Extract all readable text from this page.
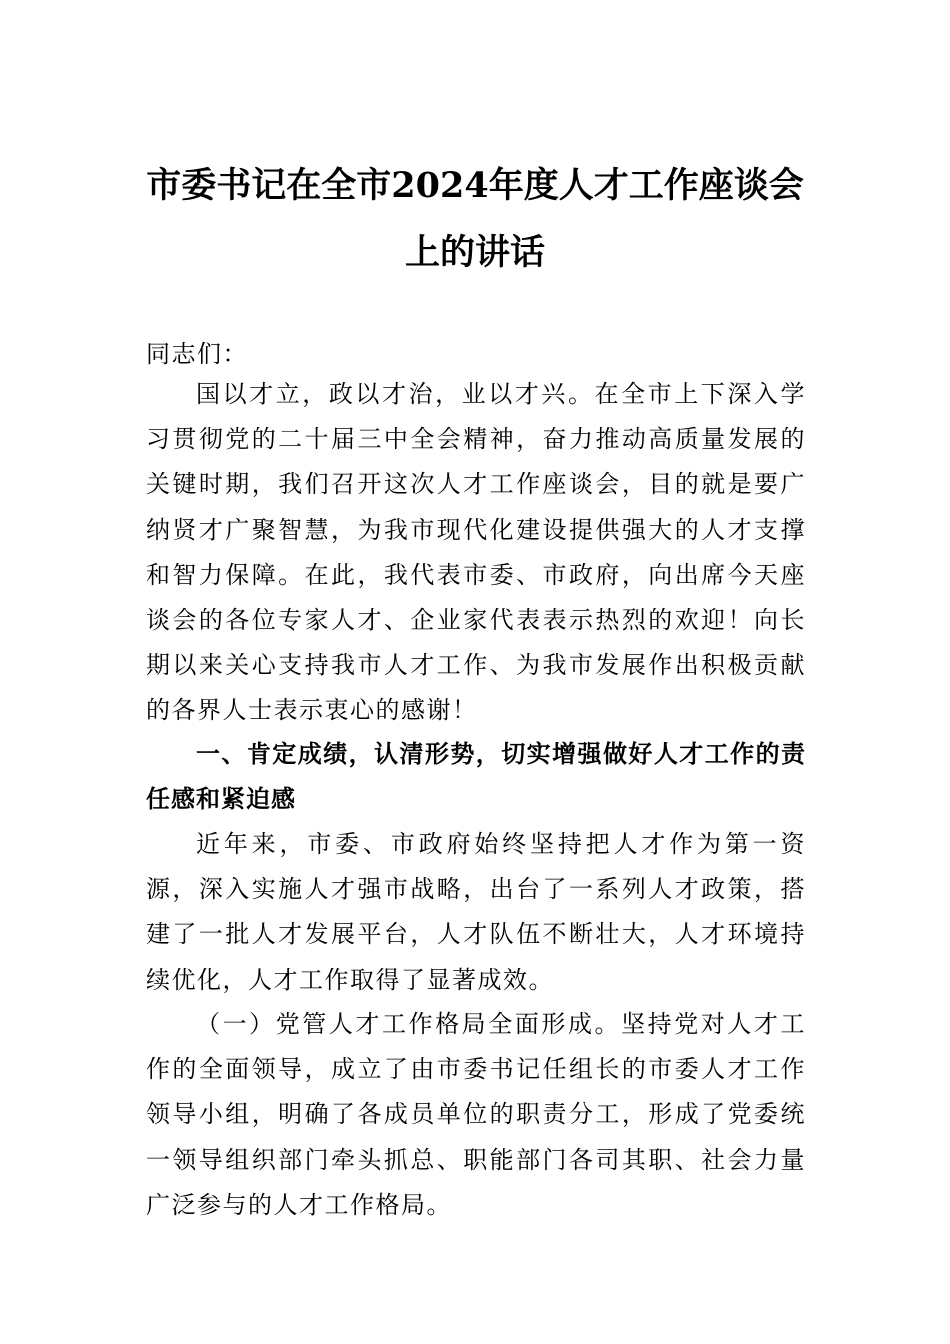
市委书记在全市2024年度人才工作座谈会
上的讲话
同志们：
国以才立，政以才治，业以才兴。在全市上下深入学习贯彻党的二十届三中全会精神，奋力推动高质量发展的关键时期，我们召开这次人才工作座谈会，目的就是要广纳贤才广聚智慧，为我市现代化建设提供强大的人才支撑和智力保障。在此，我代表市委、市政府，向出席今天座谈会的各位专家人才、企业家代表表示热烈的欢迎！向长期以来关心支持我市人才工作、为我市发展作出积极贡献的各界人士表示衷心的感谢！
一、肯定成绩，认清形势，切实增强做好人才工作的责任感和紧迫感
近年来，市委、市政府始终坚持把人才作为第一资源，深入实施人才强市战略，出台了一系列人才政策，搭建了一批人才发展平台，人才队伍不断壮大，人才环境持续优化，人才工作取得了显著成效。
（一）党管人才工作格局全面形成。坚持党对人才工作的全面领导，成立了由市委书记任组长的市委人才工作领导小组，明确了各成员单位的职责分工，形成了党委统一领导组织部门牵头抓总、职能部门各司其职、社会力量广泛参与的人才工作格局。
